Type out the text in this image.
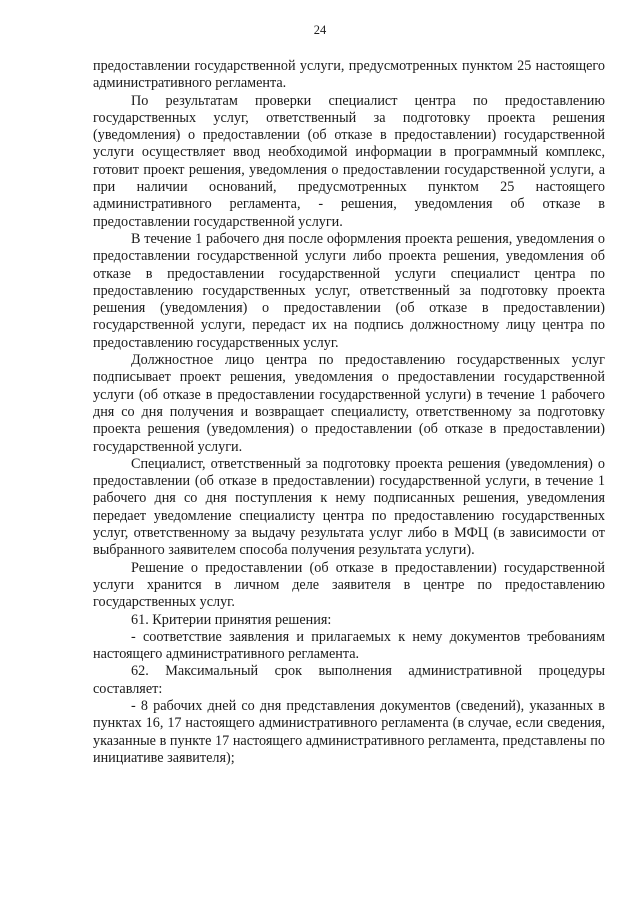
24

предоставлении государственной услуги, предусмотренных пунктом 25 настоящего административного регламента.

По результатам проверки специалист центра по предоставлению государственных услуг, ответственный за подготовку проекта решения (уведомления) о предоставлении (об отказе в предоставлении) государственной услуги осуществляет ввод необходимой информации в программный комплекс, готовит проект решения, уведомления о предоставлении государственной услуги, а при наличии оснований, предусмотренных пунктом 25 настоящего административного регламента, - решения, уведомления об отказе в предоставлении государственной услуги.

В течение 1 рабочего дня после оформления проекта решения, уведомления о предоставлении государственной услуги либо проекта решения, уведомления об отказе в предоставлении государственной услуги специалист центра по предоставлению государственных услуг, ответственный за подготовку проекта решения (уведомления) о предоставлении (об отказе в предоставлении) государственной услуги, передаст их на подпись должностному лицу центра по предоставлению государственных услуг.

Должностное лицо центра по предоставлению государственных услуг подписывает проект решения, уведомления о предоставлении государственной услуги (об отказе в предоставлении государственной услуги) в течение 1 рабочего дня со дня получения и возвращает специалисту, ответственному за подготовку проекта решения (уведомления) о предоставлении (об отказе в предоставлении) государственной услуги.

Специалист, ответственный за подготовку проекта решения (уведомления) о предоставлении (об отказе в предоставлении) государственной услуги, в течение 1 рабочего дня со дня поступления к нему подписанных решения, уведомления передает уведомление специалисту центра по предоставлению государственных услуг, ответственному за выдачу результата услуг либо в МФЦ (в зависимости от выбранного заявителем способа получения результата услуги).

Решение о предоставлении (об отказе в предоставлении) государственной услуги хранится в личном деле заявителя в центре по предоставлению государственных услуг.

61. Критерии принятия решения:

- соответствие заявления и прилагаемых к нему документов требованиям настоящего административного регламента.

62. Максимальный срок выполнения административной процедуры составляет:

- 8 рабочих дней со дня представления документов (сведений), указанных в пунктах 16, 17 настоящего административного регламента (в случае, если сведения, указанные в пункте 17 настоящего административного регламента, представлены по инициативе заявителя);
